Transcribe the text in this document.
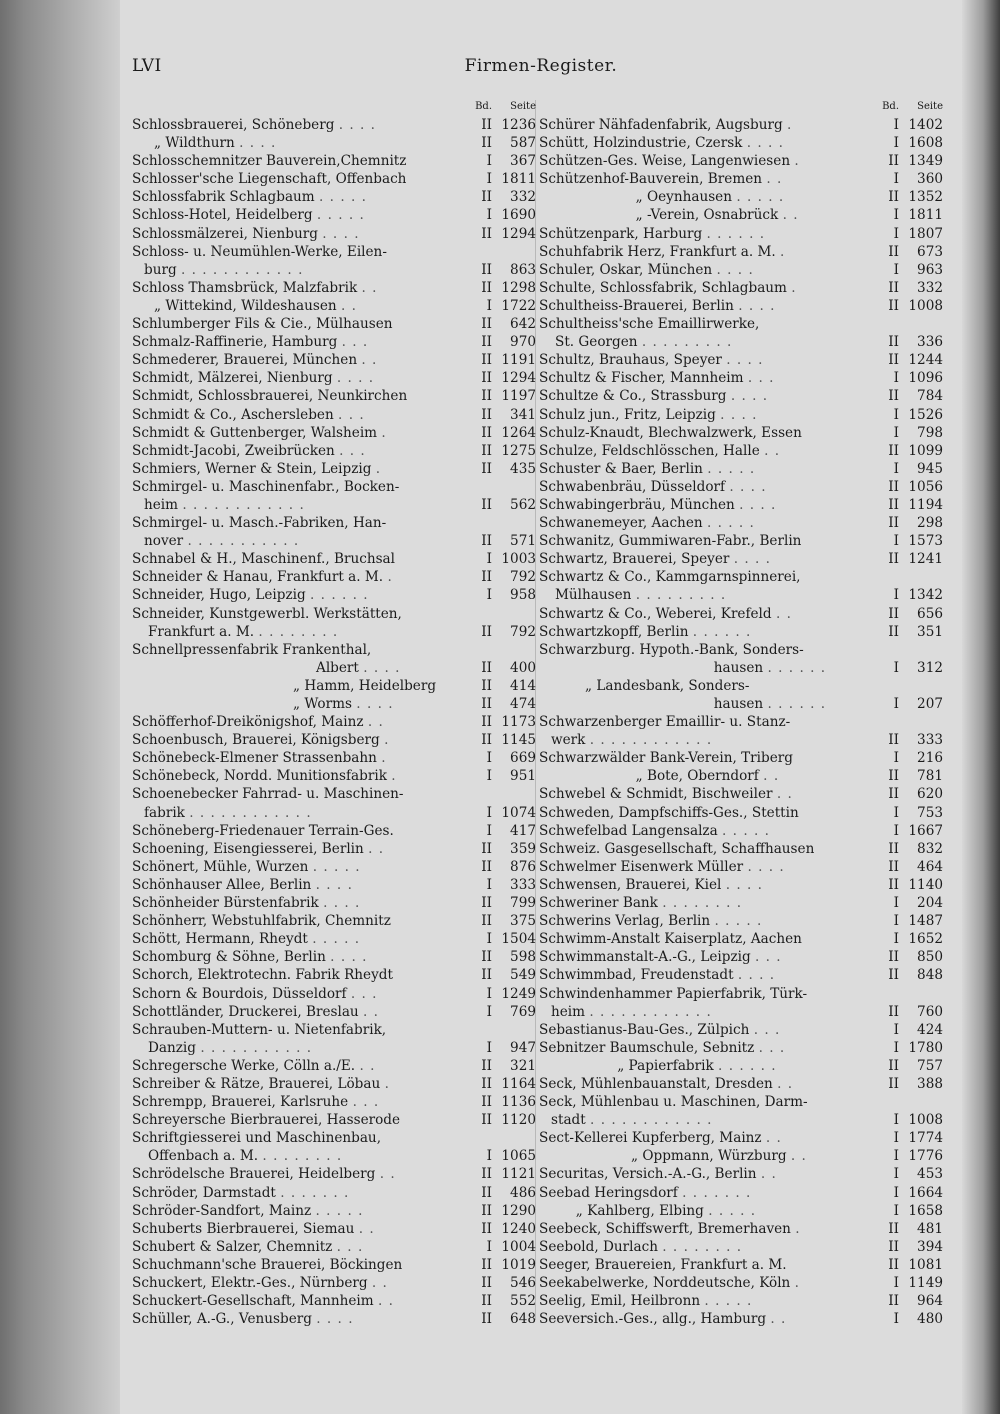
LVI	Firmen-Register.
Bd. Seite
Schlossbrauerei, Schöneberg . . . .	II 1236
„ Wildthurn . . . .	II	587
Schlosschemnitzer Bauverein,Chemnitz	I	367
Schlosser'sche Liegenschaft, Offenbach	I 1811
Schlossfabrik Schlagbaum . . . . .	II	332
Schloss-Hotel, Heidelberg . . . . .	I 1690
Schlossmälzerei, Nienburg . . . .	II 1294
Schloss- u. Neumühlen-Werke, Eilen-
burg . . . . . . . . . . . .	II	863
Schloss Thamsbrück, Malzfabrik . .	II 1298
„ Wittekind, Wildeshausen . .	I 1722
Schlumberger Fils & Cie., Mülhausen	II	642
Schmalz-Raffinerie, Hamburg . . .	II	970
Schmederer, Brauerei, München . .	II 1191
Schmidt, Mälzerei, Nienburg . . . .	II 1294
Schmidt, Schlossbrauerei, Neunkirchen	II 1197
Schmidt & Co., Aschersleben . . .	II	341
Schmidt & Guttenberger, Walsheim .	II 1264
Schmidt-Jacobi, Zweibrücken . . .	II 1275
Schmiers, Werner & Stein, Leipzig .	II	435
Schmirgel- u. Maschinenfabr., Bocken-
heim . . . . . . . . . . . .	II	562
Schmirgel- u. Masch.-Fabriken, Han-
nover . . . . . . . . . . .	II	571
Schnabel & H., Maschinenf., Bruchsal	I 1003
Schneider & Hanau, Frankfurt a. M. .	II	792
Schneider, Hugo, Leipzig . . . . . .	I	958
Schneider, Kunstgewerbl. Werkstätten,
Frankfurt a. M. . . . . . . . .	II	792
Schnellpressenfabrik Frankenthal,
Albert . . . .	II	400
„ Hamm, Heidelberg	II	414
„ Worms . . . .	II	474
Schöfferhof-Dreikönigshof, Mainz . .	II 1173
Schoenbusch, Brauerei, Königsberg .	II 1145
Schönebeck-Elmener Strassenbahn .	I	669
Schönebeck, Nordd. Munitionsfabrik .	I	951
Schoenebecker Fahrrad- u. Maschinen-
fabrik . . . . . . . . . . . .	I 1074
Schöneberg-Friedenauer Terrain-Ges.	I	417
Schoening, Eisengiesserei, Berlin . .	II	359
Schönert, Mühle, Wurzen . . . . .	II	876
Schönhauser Allee, Berlin . . . .	I	333
Schönheider Bürstenfabrik . . . .	II	799
Schönherr, Webstuhlfabrik, Chemnitz	II	375
Schött, Hermann, Rheydt . . . . .	I 1504
Schomburg & Söhne, Berlin . . . .	II	598
Schorch, Elektrotechn. Fabrik Rheydt	II	549
Schorn & Bourdois, Düsseldorf . . .	I 1249
Schottländer, Druckerei, Breslau . .	I	769
Schrauben-Muttern- u. Nietenfabrik,
Danzig . . . . . . . . . . .	I	947
Schregersche Werke, Cölln a./E. . .	II	321
Schreiber & Rätze, Brauerei, Löbau .	II 1164
Schrempp, Brauerei, Karlsruhe . . .	II 1136
Schreyersche Bierbrauerei, Hasserode	II 1120
Schriftgiesserei und Maschinenbau,
Offenbach a. M. . . . . . . . .	I 1065
Schrödelsche Brauerei, Heidelberg . .	II 1121
Schröder, Darmstadt . . . . . . .	II	486
Schröder-Sandfort, Mainz . . . . .	II 1290
Schuberts Bierbrauerei, Siemau . .	II 1240
Schubert & Salzer, Chemnitz . . .	I 1004
Schuchmann'sche Brauerei, Böckingen	II 1019
Schuckert, Elektr.-Ges., Nürnberg . .	II	546
Schuckert-Gesellschaft, Mannheim . .	II	552
Schüller, A.-G., Venusberg . . . .	II	648
Bd. Seite
Schürer Nähfadenfabrik, Augsburg .	I 1402
Schütt, Holzindustrie, Czersk . . . .	I 1608
Schützen-Ges. Weise, Langenwiesen .	II 1349
Schützenhof-Bauverein, Bremen . .	I	360
„ Oeynhausen . . . . .	II 1352
„ -Verein, Osnabrück . .	I 1811
Schützenpark, Harburg . . . . . .	I 1807
Schuhfabrik Herz, Frankfurt a. M. .	II	673
Schuler, Oskar, München . . . .	I	963
Schulte, Schlossfabrik, Schlagbaum .	II	332
Schultheiss-Brauerei, Berlin . . . .	II 1008
Schultheiss'sche Emaillirwerke,
St. Georgen . . . . . . . . .	II	336
Schultz, Brauhaus, Speyer . . . .	II 1244
Schultz & Fischer, Mannheim . . .	I 1096
Schultze & Co., Strassburg . . . .	II	784
Schulz jun., Fritz, Leipzig . . . .	I 1526
Schulz-Knaudt, Blechwalzwerk, Essen	I	798
Schulze, Feldschlösschen, Halle . .	II 1099
Schuster & Baer, Berlin . . . . .	I	945
Schwabenbräu, Düsseldorf . . . .	II 1056
Schwabingerbräu, München . . . .	II 1194
Schwanemeyer, Aachen . . . . .	II	298
Schwanitz, Gummiwaren-Fabr., Berlin	I 1573
Schwartz, Brauerei, Speyer . . . .	II 1241
Schwartz & Co., Kammgarnspinnerei,
Mülhausen . . . . . . . . .	I 1342
Schwartz & Co., Weberei, Krefeld . .	II	656
Schwartzkopff, Berlin . . . . . .	II	351
Schwarzburg. Hypoth.-Bank, Sonders-
hausen . . . . . .	I	312
„ Landesbank, Sonders-
hausen . . . . . .	I	207
Schwarzenberger Emaillir- u. Stanz-
werk . . . . . . . . . . . .	II	333
Schwarzwälder Bank-Verein, Triberg	I	216
„ Bote, Oberndorf . .	II	781
Schwebel & Schmidt, Bischweiler . .	II	620
Schweden, Dampfschiffs-Ges., Stettin	I	753
Schwefelbad Langensalza . . . . .	I 1667
Schweiz. Gasgesellschaft, Schaffhausen	II	832
Schwelmer Eisenwerk Müller . . . .	II	464
Schwensen, Brauerei, Kiel . . . .	II 1140
Schweriner Bank . . . . . . . .	I	204
Schwerins Verlag, Berlin . . . . .	I 1487
Schwimm-Anstalt Kaiserplatz, Aachen	I 1652
Schwimmanstalt-A.-G., Leipzig . . .	II	850
Schwimmbad, Freudenstadt . . . .	II	848
Schwindenhammer Papierfabrik, Türk-
heim . . . . . . . . . . . .	II	760
Sebastianus-Bau-Ges., Zülpich . . .	I	424
Sebnitzer Baumschule, Sebnitz . . .	I 1780
„ Papierfabrik . . . . . .	II	757
Seck, Mühlenbauanstalt, Dresden . .	II	388
Seck, Mühlenbau u. Maschinen, Darm-
stadt . . . . . . . . . . . .	I 1008
Sect-Kellerei Kupferberg, Mainz . .	I 1774
„ Oppmann, Würzburg . .	I 1776
Securitas, Versich.-A.-G., Berlin . .	I	453
Seebad Heringsdorf . . . . . . .	I 1664
„ Kahlberg, Elbing . . . . .	I 1658
Seebeck, Schiffswerft, Bremerhaven .	II	481
Seebold, Durlach . . . . . . . .	II	394
Seeger, Brauereien, Frankfurt a. M.	II 1081
Seekabelwerke, Norddeutsche, Köln .	I 1149
Seelig, Emil, Heilbronn . . . . .	II	964
Seeversich.-Ges., allg., Hamburg . .	I	480
